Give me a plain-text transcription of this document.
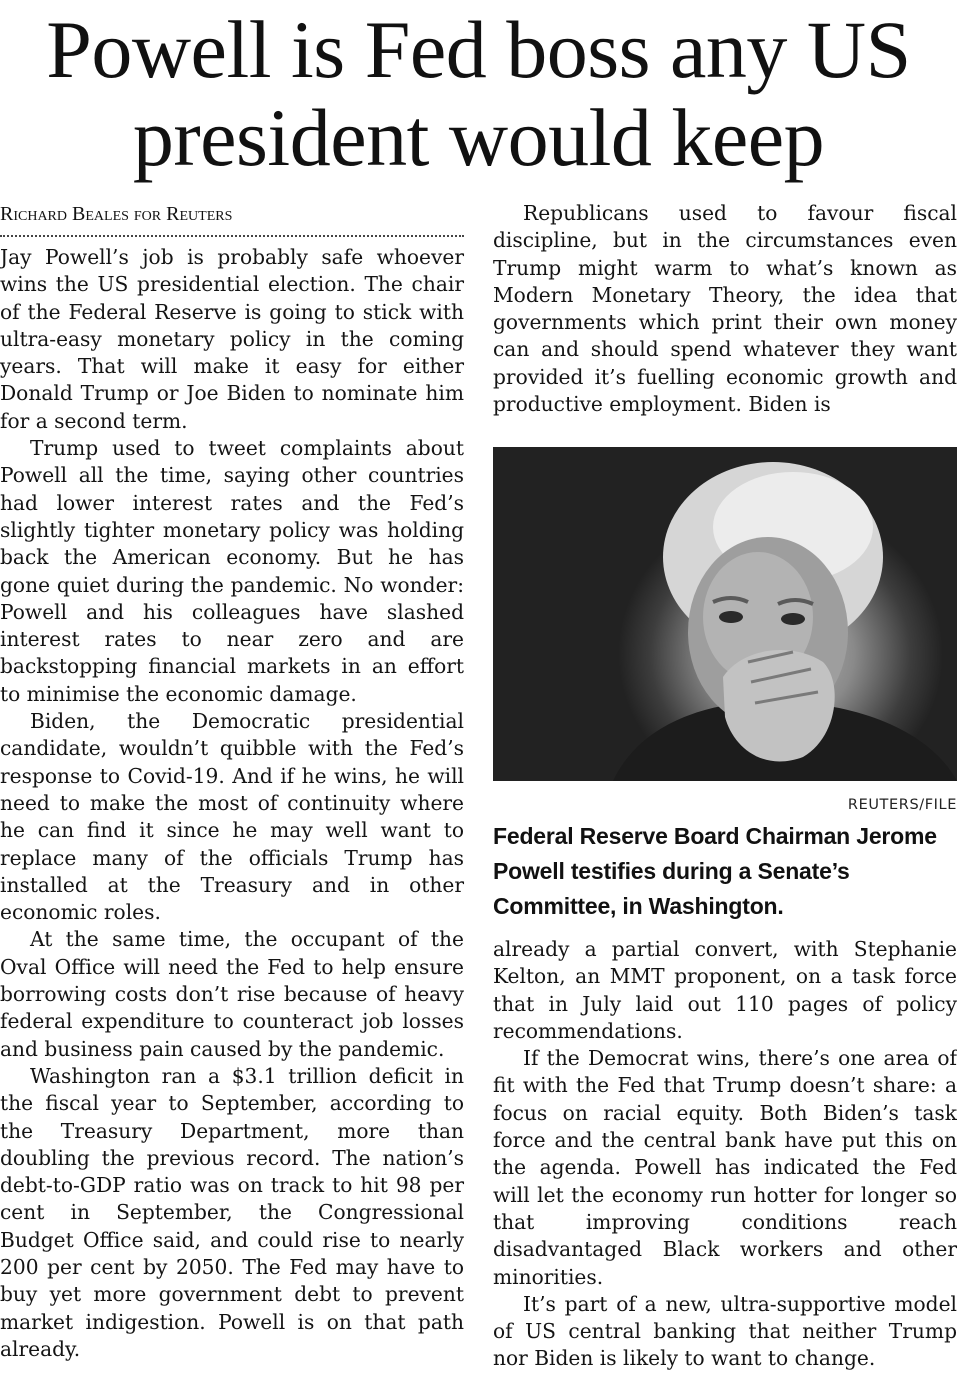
Powell is Fed boss any US president would keep

Richard Beales for Reuters

Jay Powell’s job is probably safe whoever wins the US presidential election. The chair of the Federal Reserve is going to stick with ultra-easy monetary policy in the coming years. That will make it easy for either Donald Trump or Joe Biden to nominate him for a second term.

Trump used to tweet complaints about Powell all the time, saying other countries had lower interest rates and the Fed’s slightly tighter monetary policy was holding back the American economy. But he has gone quiet during the pandemic. No wonder: Powell and his colleagues have slashed interest rates to near zero and are backstopping financial markets in an effort to minimise the economic damage.

Biden, the Democratic presidential candidate, wouldn’t quibble with the Fed’s response to Covid-19. And if he wins, he will need to make the most of continuity where he can find it since he may well want to replace many of the officials Trump has installed at the Treasury and in other economic roles.

At the same time, the occupant of the Oval Office will need the Fed to help ensure borrowing costs don’t rise because of heavy federal expenditure to counteract job losses and business pain caused by the pandemic.

Washington ran a $3.1 trillion deficit in the fiscal year to September, according to the Treasury Department, more than doubling the previous record. The nation’s debt-to-GDP ratio was on track to hit 98 per cent in September, the Congressional Budget Office said, and could rise to nearly 200 per cent by 2050. The Fed may have to buy yet more government debt to prevent market indigestion. Powell is on that path already.

Republicans used to favour fiscal discipline, but in the circumstances even Trump might warm to what’s known as Modern Monetary Theory, the idea that governments which print their own money can and should spend whatever they want provided it’s fuelling economic growth and productive employment. Biden is

REUTERS/FILE
Federal Reserve Board Chairman Jerome Powell testifies during a Senate’s Committee, in Washington.

already a partial convert, with Stephanie Kelton, an MMT proponent, on a task force that in July laid out 110 pages of policy recommendations.

If the Democrat wins, there’s one area of fit with the Fed that Trump doesn’t share: a focus on racial equity. Both Biden’s task force and the central bank have put this on the agenda. Powell has indicated the Fed will let the economy run hotter for longer so that improving conditions reach disadvantaged Black workers and other minorities.

It’s part of a new, ultra-supportive model of US central banking that neither Trump nor Biden is likely to want to change.
